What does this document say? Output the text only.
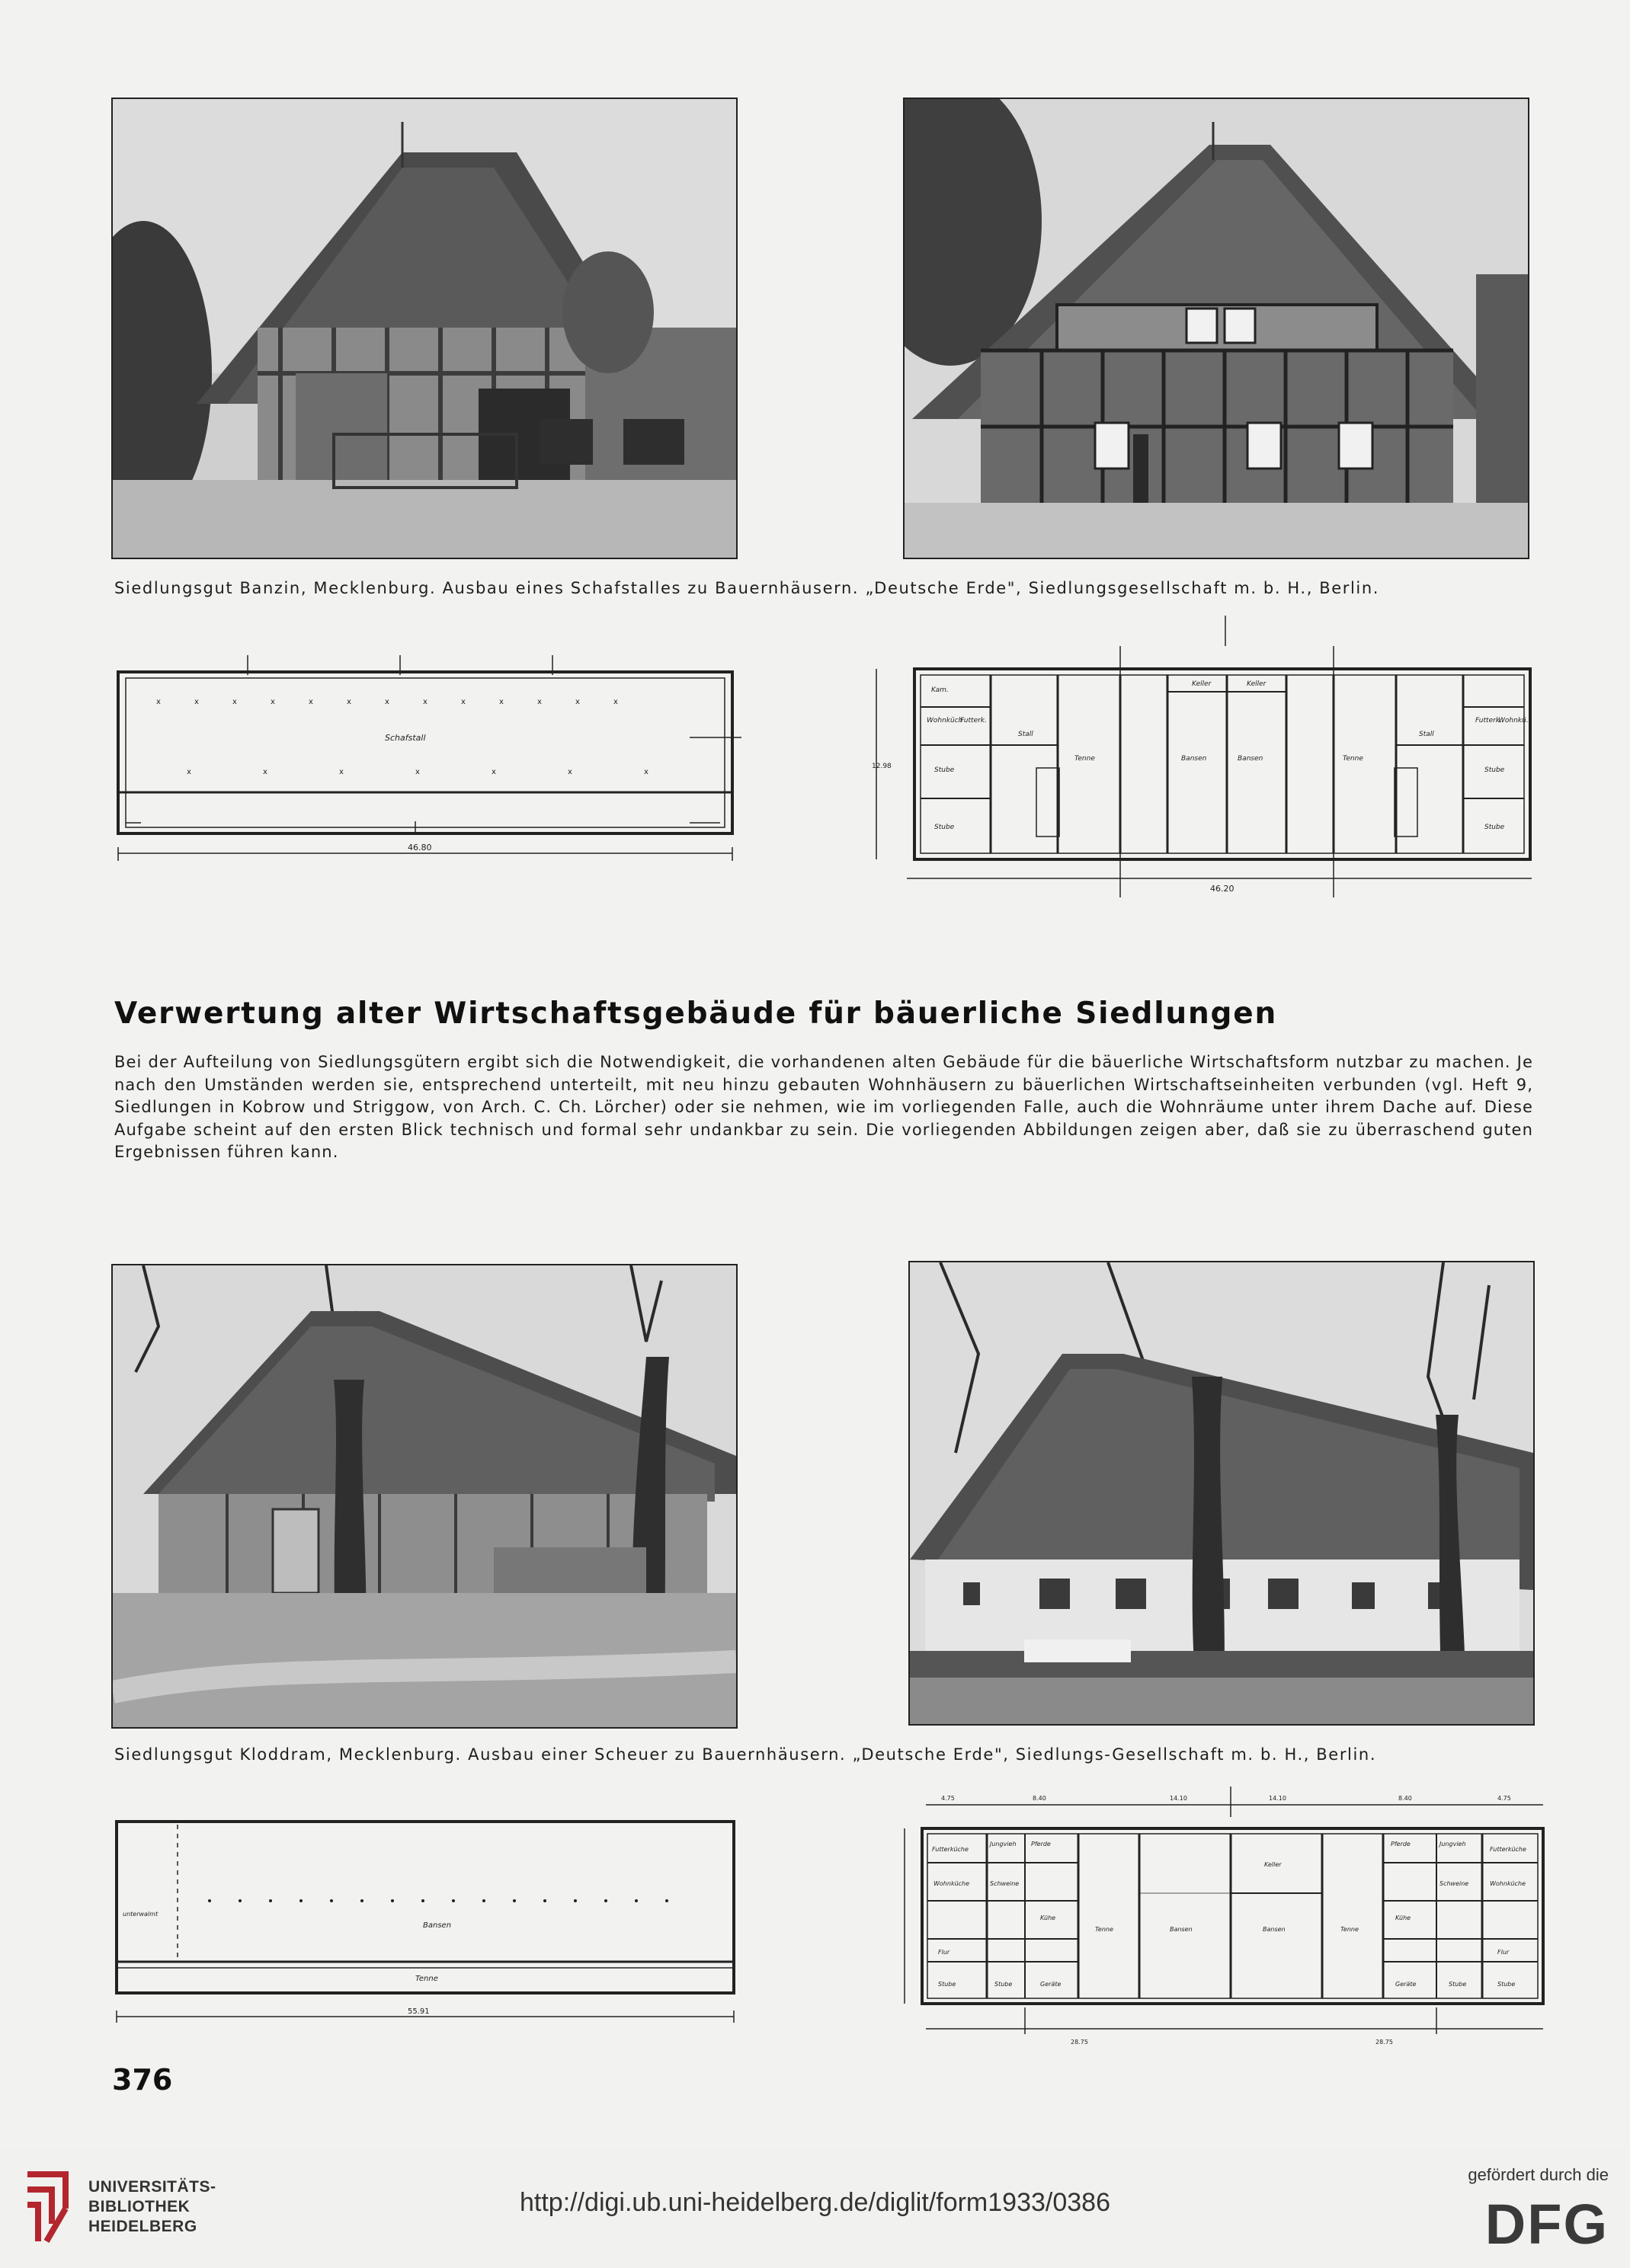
Siedlungsgut Banzin, Mecklenburg. Ausbau eines Schafstalles zu Bauernhäusern. „Deutsche Erde", Siedlungsgesellschaft m. b. H., Berlin.
x	x	x	x	x	x	x	x	x	x	x	x	x
x	x	x	x	x	x	x
Schafstall
46.80
Kam.
Wohnküch
Futterk.
Stube
Stube
Stall
Keller	Keller
Tenne	Bansen	Bansen	Tenne
Stall
Futterk.
Wohnkü.
Stube
Stube
12.98
46.20
Verwertung alter Wirtschaftsgebäude für bäuerliche Siedlungen
Bei der Aufteilung von Siedlungsgütern ergibt sich die Notwendigkeit, die vorhandenen alten Gebäude für die bäuerliche Wirtschaftsform nutzbar zu machen. Je nach den Umständen werden sie, entsprechend unterteilt, mit neu hinzu gebauten Wohnhäusern zu bäuerlichen Wirtschaftseinheiten verbunden (vgl. Heft 9, Siedlungen in Kobrow und Striggow, von Arch. C. Ch. Lörcher) oder sie nehmen, wie im vorliegenden Falle, auch die Wohnräume unter ihrem Dache auf. Diese Aufgabe scheint auf den ersten Blick technisch und formal sehr undankbar zu sein. Die vorliegenden Abbildungen zeigen aber, daß sie zu überraschend guten Ergebnissen führen kann.
Siedlungsgut Kloddram, Mecklenburg. Ausbau einer Scheuer zu Bauernhäusern. „Deutsche Erde", Siedlungs-Gesellschaft m. b. H., Berlin.
Bansen
Tenne
unterwalmt
55.91
Futterküche
Jungvieh Pferde
Wohnküche	Schweine
Kühe
Flur
Stube	Stube	Geräte
Tenne	Bansen
Keller
Bansen	Tenne
Pferde	Jungvieh
Futterküche
Wohnküche
Kühe
Schweine
Flur
Geräte	Stube	Stube
4.75	8.40	14.10	14.10	8.40	4.75
28.75	28.75
376
UNIVERSITÄTS-
BIBLIOTHEK
HEIDELBERG
http://digi.ub.uni-heidelberg.de/diglit/form1933/0386
gefördert durch die
DFG
